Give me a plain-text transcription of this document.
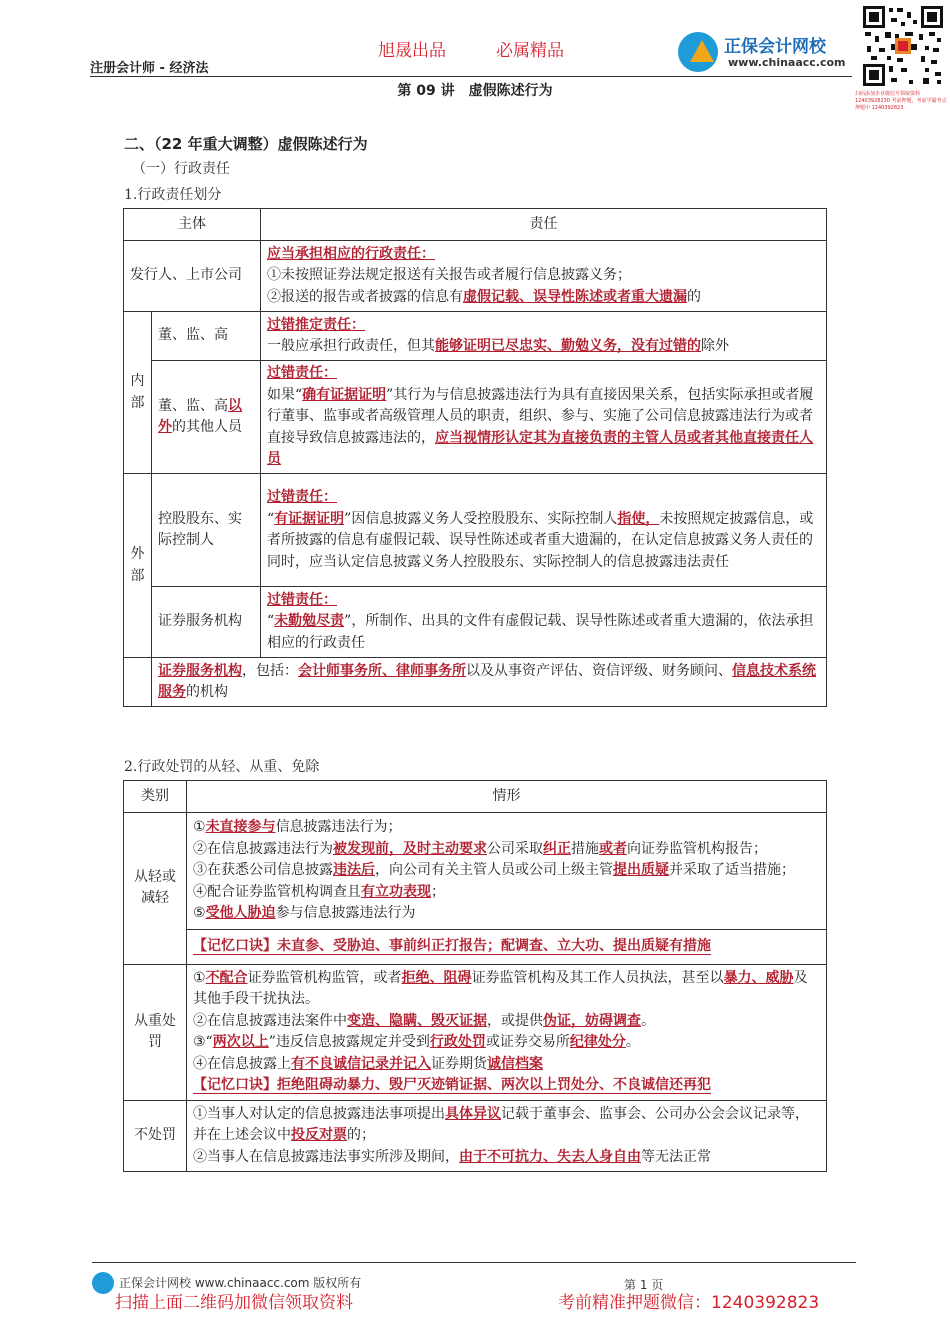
旭晟出品	必属精品
注册会计师 - 经济法
正保会计网校
www.chinaacc.com
扫码添加企业微信号领取资料 12403928230 考前押题，考前学霸考点押题中 1240392823
第 09 讲　虚假陈述行为
二、（22 年重大调整）虚假陈述行为
（一）行政责任
1.行政责任划分
主体		责任
发行人、上市公司		应当承担相应的行政责任：
①未按照证券法规定报送有关报告或者履行信息披露义务；
②报送的报告或者披露的信息有虚假记载、误导性陈述或者重大遗漏的
内部	董、监、高	过错推定责任：
一般应承担行政责任，但其能够证明已尽忠实、勤勉义务，没有过错的除外
	董、监、高以外的其他人员	过错责任：
如果“确有证据证明”其行为与信息披露违法行为具有直接因果关系，包括实际承担或者履行董事、监事或者高级管理人员的职责，组织、参与、实施了公司信息披露违法行为或者直接导致信息披露违法的，应当视情形认定其为直接负责的主管人员或者其他直接责任人员
外部	控股股东、实际控制人	过错责任：
“有证据证明”因信息披露义务人受控股股东、实际控制人指使，未按照规定披露信息，或者所披露的信息有虚假记载、误导性陈述或者重大遗漏的，在认定信息披露义务人责任的同时，应当认定信息披露义务人控股股东、实际控制人的信息披露违法责任
	证券服务机构	过错责任：
“未勤勉尽责”，所制作、出具的文件有虚假记载、误导性陈述或者重大遗漏的，依法承担相应的行政责任
	证券服务机构，包括：会计师事务所、律师事务所以及从事资产评估、资信评级、财务顾问、信息技术系统服务的机构	
2.行政处罚的从轻、从重、免除
类别	情形
从轻或减轻	①未直接参与信息披露违法行为；
②在信息披露违法行为被发现前，及时主动要求公司采取纠正措施或者向证券监管机构报告；
③在获悉公司信息披露违法后，向公司有关主管人员或公司上级主管提出质疑并采取了适当措施；
④配合证券监管机构调查且有立功表现；
⑤受他人胁迫参与信息披露违法行为
	【记忆口诀】未直参、受胁迫、事前纠正打报告；配调查、立大功、提出质疑有措施
从重处罚	①不配合证券监管机构监管，或者拒绝、阻碍证券监管机构及其工作人员执法，甚至以暴力、威胁及其他手段干扰执法。
②在信息披露违法案件中变造、隐瞒、毁灭证据，或提供伪证，妨碍调查。
③“两次以上”违反信息披露规定并受到行政处罚或证券交易所纪律处分。
④在信息披露上有不良诚信记录并记入证券期货诚信档案
【记忆口诀】拒绝阻碍动暴力、毁尸灭迹销证据、两次以上罚处分、不良诚信还再犯
不处罚	①当事人对认定的信息披露违法事项提出具体异议记载于董事会、监事会、公司办公会会议记录等，并在上述会议中投反对票的；
②当事人在信息披露违法事实所涉及期间，由于不可抗力、失去人身自由等无法正常
正保会计网校 www.chinaacc.com 版权所有	第 1 页
扫描上面二维码加微信领取资料	考前精准押题微信：1240392823
